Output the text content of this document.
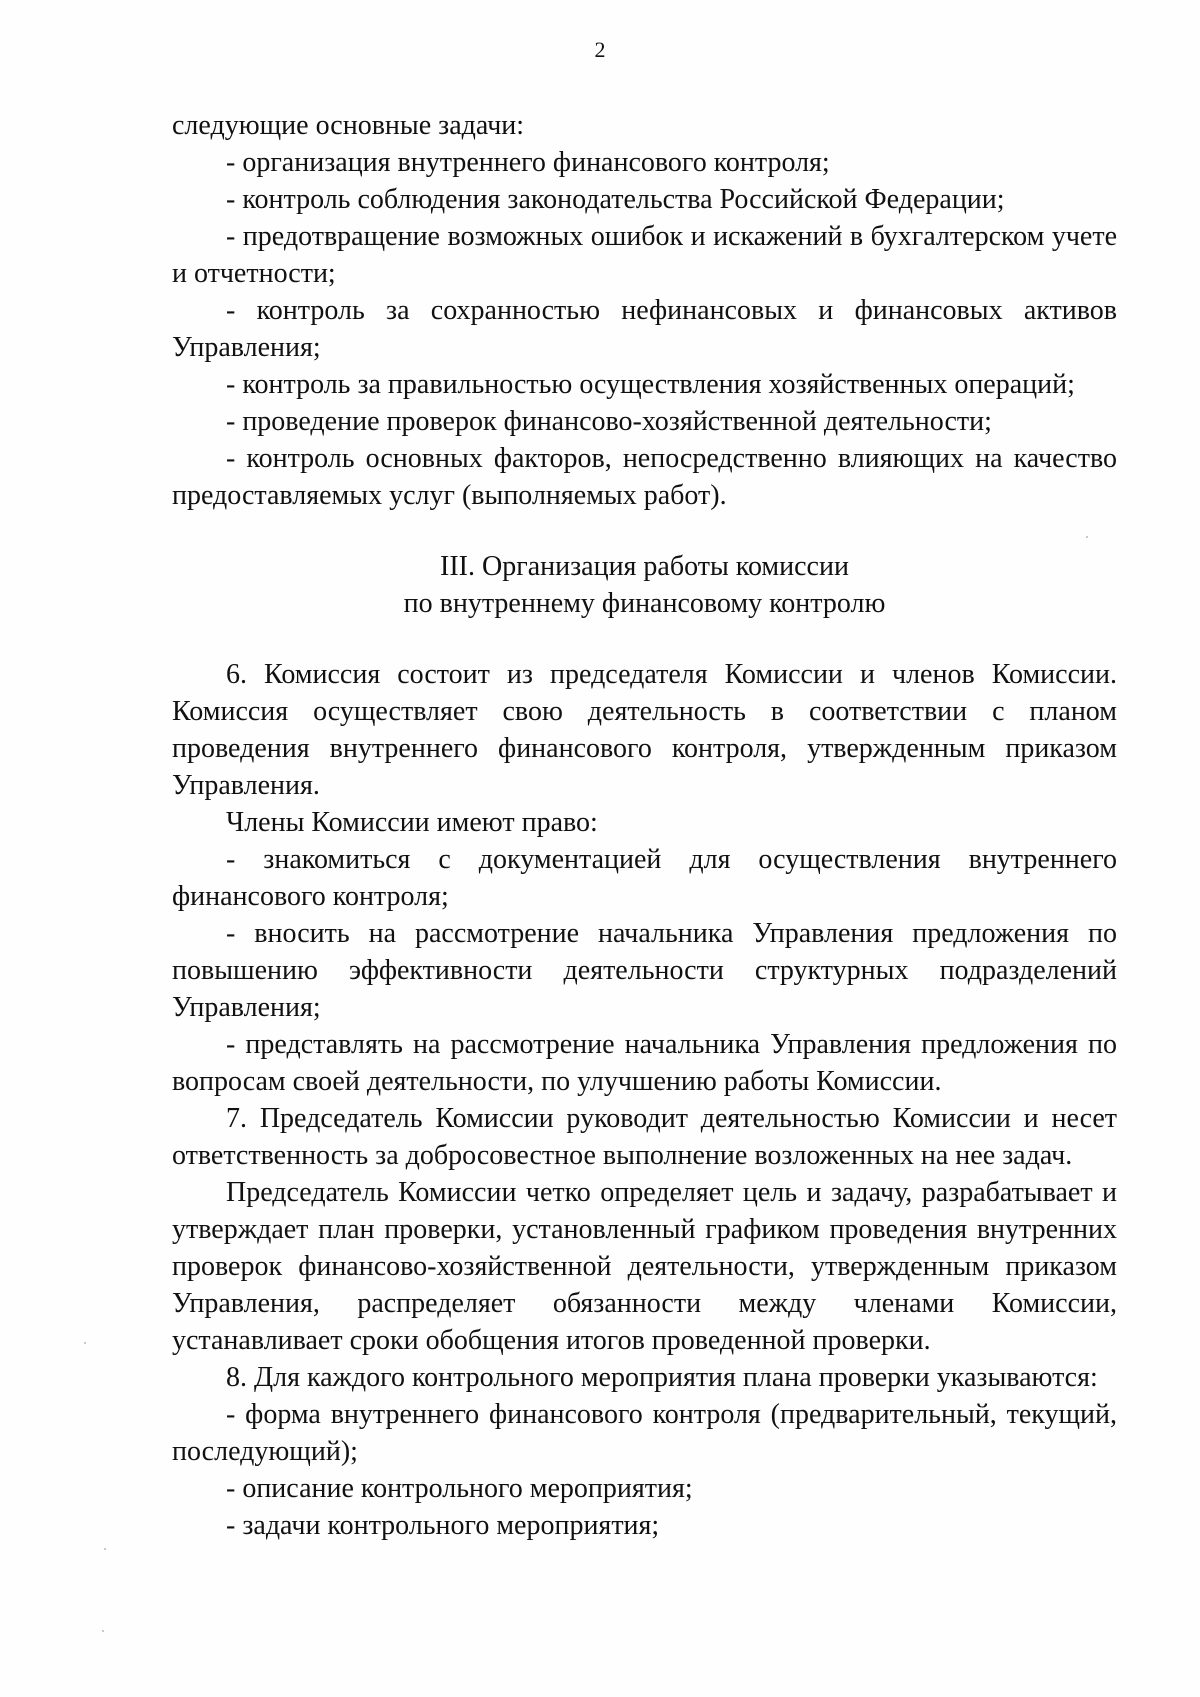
2

следующие основные задачи:

- организация внутреннего финансового контроля;

- контроль соблюдения законодательства Российской Федерации;

- предотвращение возможных ошибок и искажений в бухгалтерском учете и отчетности;

- контроль за сохранностью нефинансовых и финансовых активов Управления;

- контроль за правильностью осуществления хозяйственных операций;

- проведение проверок финансово-хозяйственной деятельности;

- контроль основных факторов, непосредственно влияющих на качество предоставляемых услуг (выполняемых работ).

III. Организация работы комиссии
по внутреннему финансовому контролю

6. Комиссия состоит из председателя Комиссии и членов Комиссии. Комиссия осуществляет свою деятельность в соответствии с планом проведения внутреннего финансового контроля, утвержденным приказом Управления.

Члены Комиссии имеют право:

- знакомиться с документацией для осуществления внутреннего финансового контроля;

- вносить на рассмотрение начальника Управления предложения по повышению эффективности деятельности структурных подразделений Управления;

- представлять на рассмотрение начальника Управления предложения по вопросам своей деятельности, по улучшению работы Комиссии.

7. Председатель Комиссии руководит деятельностью Комиссии и несет ответственность за добросовестное выполнение возложенных на нее задач.

Председатель Комиссии четко определяет цель и задачу, разрабатывает и утверждает план проверки, установленный графиком проведения внутренних проверок финансово-хозяйственной деятельности, утвержденным приказом Управления, распределяет обязанности между членами Комиссии, устанавливает сроки обобщения итогов проведенной проверки.

8. Для каждого контрольного мероприятия плана проверки указываются:

- форма внутреннего финансового контроля (предварительный, текущий, последующий);

- описание контрольного мероприятия;

- задачи контрольного мероприятия;
